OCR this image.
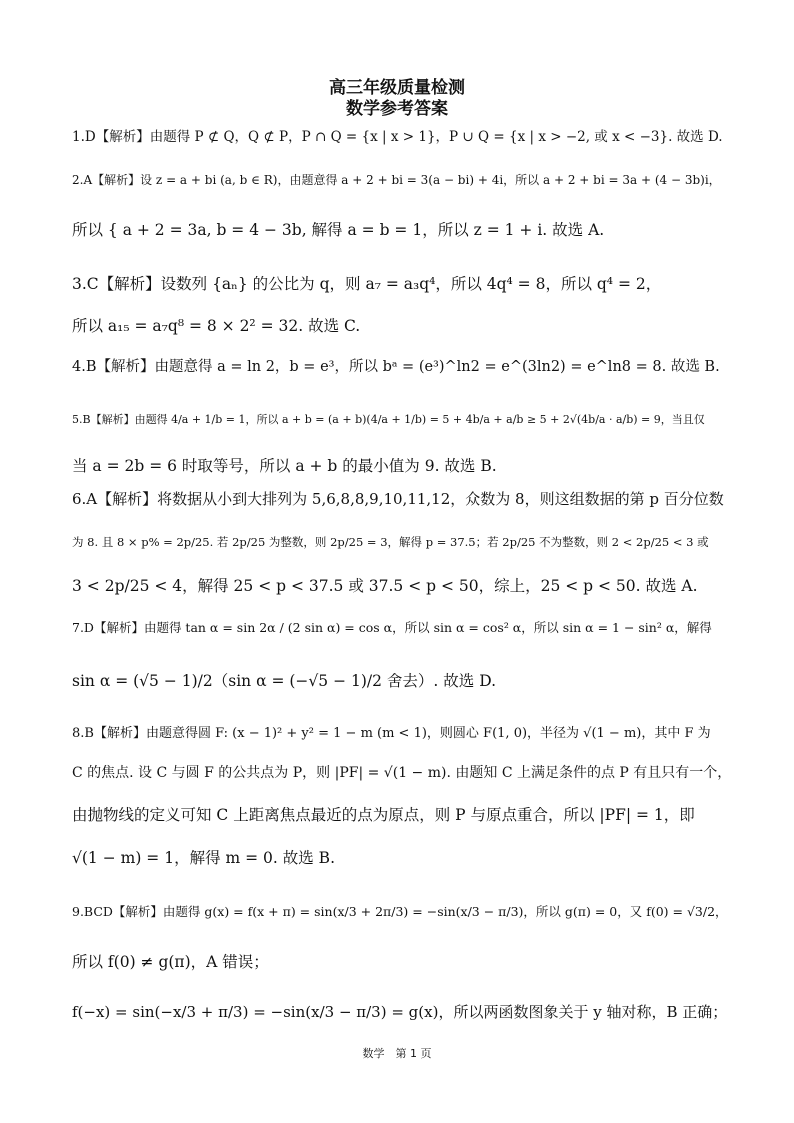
高三年级质量检测
数学参考答案
1.D【解析】由题得 P ⊄ Q，Q ⊄ P，P ∩ Q = {x | x > 1}，P ∪ Q = {x | x > −2, 或 x < −3}. 故选 D.
2.A【解析】设 z = a + bi (a, b ∈ R)，由题意得 a + 2 + bi = 3(a − bi) + 4i，所以 a + 2 + bi = 3a + (4 − 3b)i，
所以 { a + 2 = 3a, b = 4 − 3b, 解得 a = b = 1，所以 z = 1 + i. 故选 A.
3.C【解析】设数列 {aₙ} 的公比为 q，则 a₇ = a₃q⁴，所以 4q⁴ = 8，所以 q⁴ = 2，
所以 a₁₅ = a₇q⁸ = 8 × 2² = 32. 故选 C.
4.B【解析】由题意得 a = ln 2，b = e³，所以 bᵃ = (e³)^ln2 = e^(3ln2) = e^ln8 = 8. 故选 B.
5.B【解析】由题得 4/a + 1/b = 1，所以 a + b = (a + b)(4/a + 1/b) = 5 + 4b/a + a/b ≥ 5 + 2√(4b/a · a/b) = 9，当且仅
当 a = 2b = 6 时取等号，所以 a + b 的最小值为 9. 故选 B.
6.A【解析】将数据从小到大排列为 5,6,8,8,9,10,11,12，众数为 8，则这组数据的第 p 百分位数
为 8. 且 8 × p% = 2p/25. 若 2p/25 为整数，则 2p/25 = 3，解得 p = 37.5；若 2p/25 不为整数，则 2 < 2p/25 < 3 或
3 < 2p/25 < 4，解得 25 < p < 37.5 或 37.5 < p < 50，综上，25 < p < 50. 故选 A.
7.D【解析】由题得 tan α = sin 2α / (2 sin α) = cos α，所以 sin α = cos² α，所以 sin α = 1 − sin² α，解得
sin α = (√5 − 1)/2（sin α = (−√5 − 1)/2 舍去）. 故选 D.
8.B【解析】由题意得圆 F: (x − 1)² + y² = 1 − m (m < 1)，则圆心 F(1, 0)，半径为 √(1 − m)，其中 F 为
C 的焦点. 设 C 与圆 F 的公共点为 P，则 |PF| = √(1 − m). 由题知 C 上满足条件的点 P 有且只有一个，
由抛物线的定义可知 C 上距离焦点最近的点为原点，则 P 与原点重合，所以 |PF| = 1，即
√(1 − m) = 1，解得 m = 0. 故选 B.
9.BCD【解析】由题得 g(x) = f(x + π) = sin(x/3 + 2π/3) = −sin(x/3 − π/3)，所以 g(π) = 0，又 f(0) = √3/2，
所以 f(0) ≠ g(π)，A 错误；
f(−x) = sin(−x/3 + π/3) = −sin(x/3 − π/3) = g(x)，所以两函数图象关于 y 轴对称，B 正确；
数学　第 1 页
